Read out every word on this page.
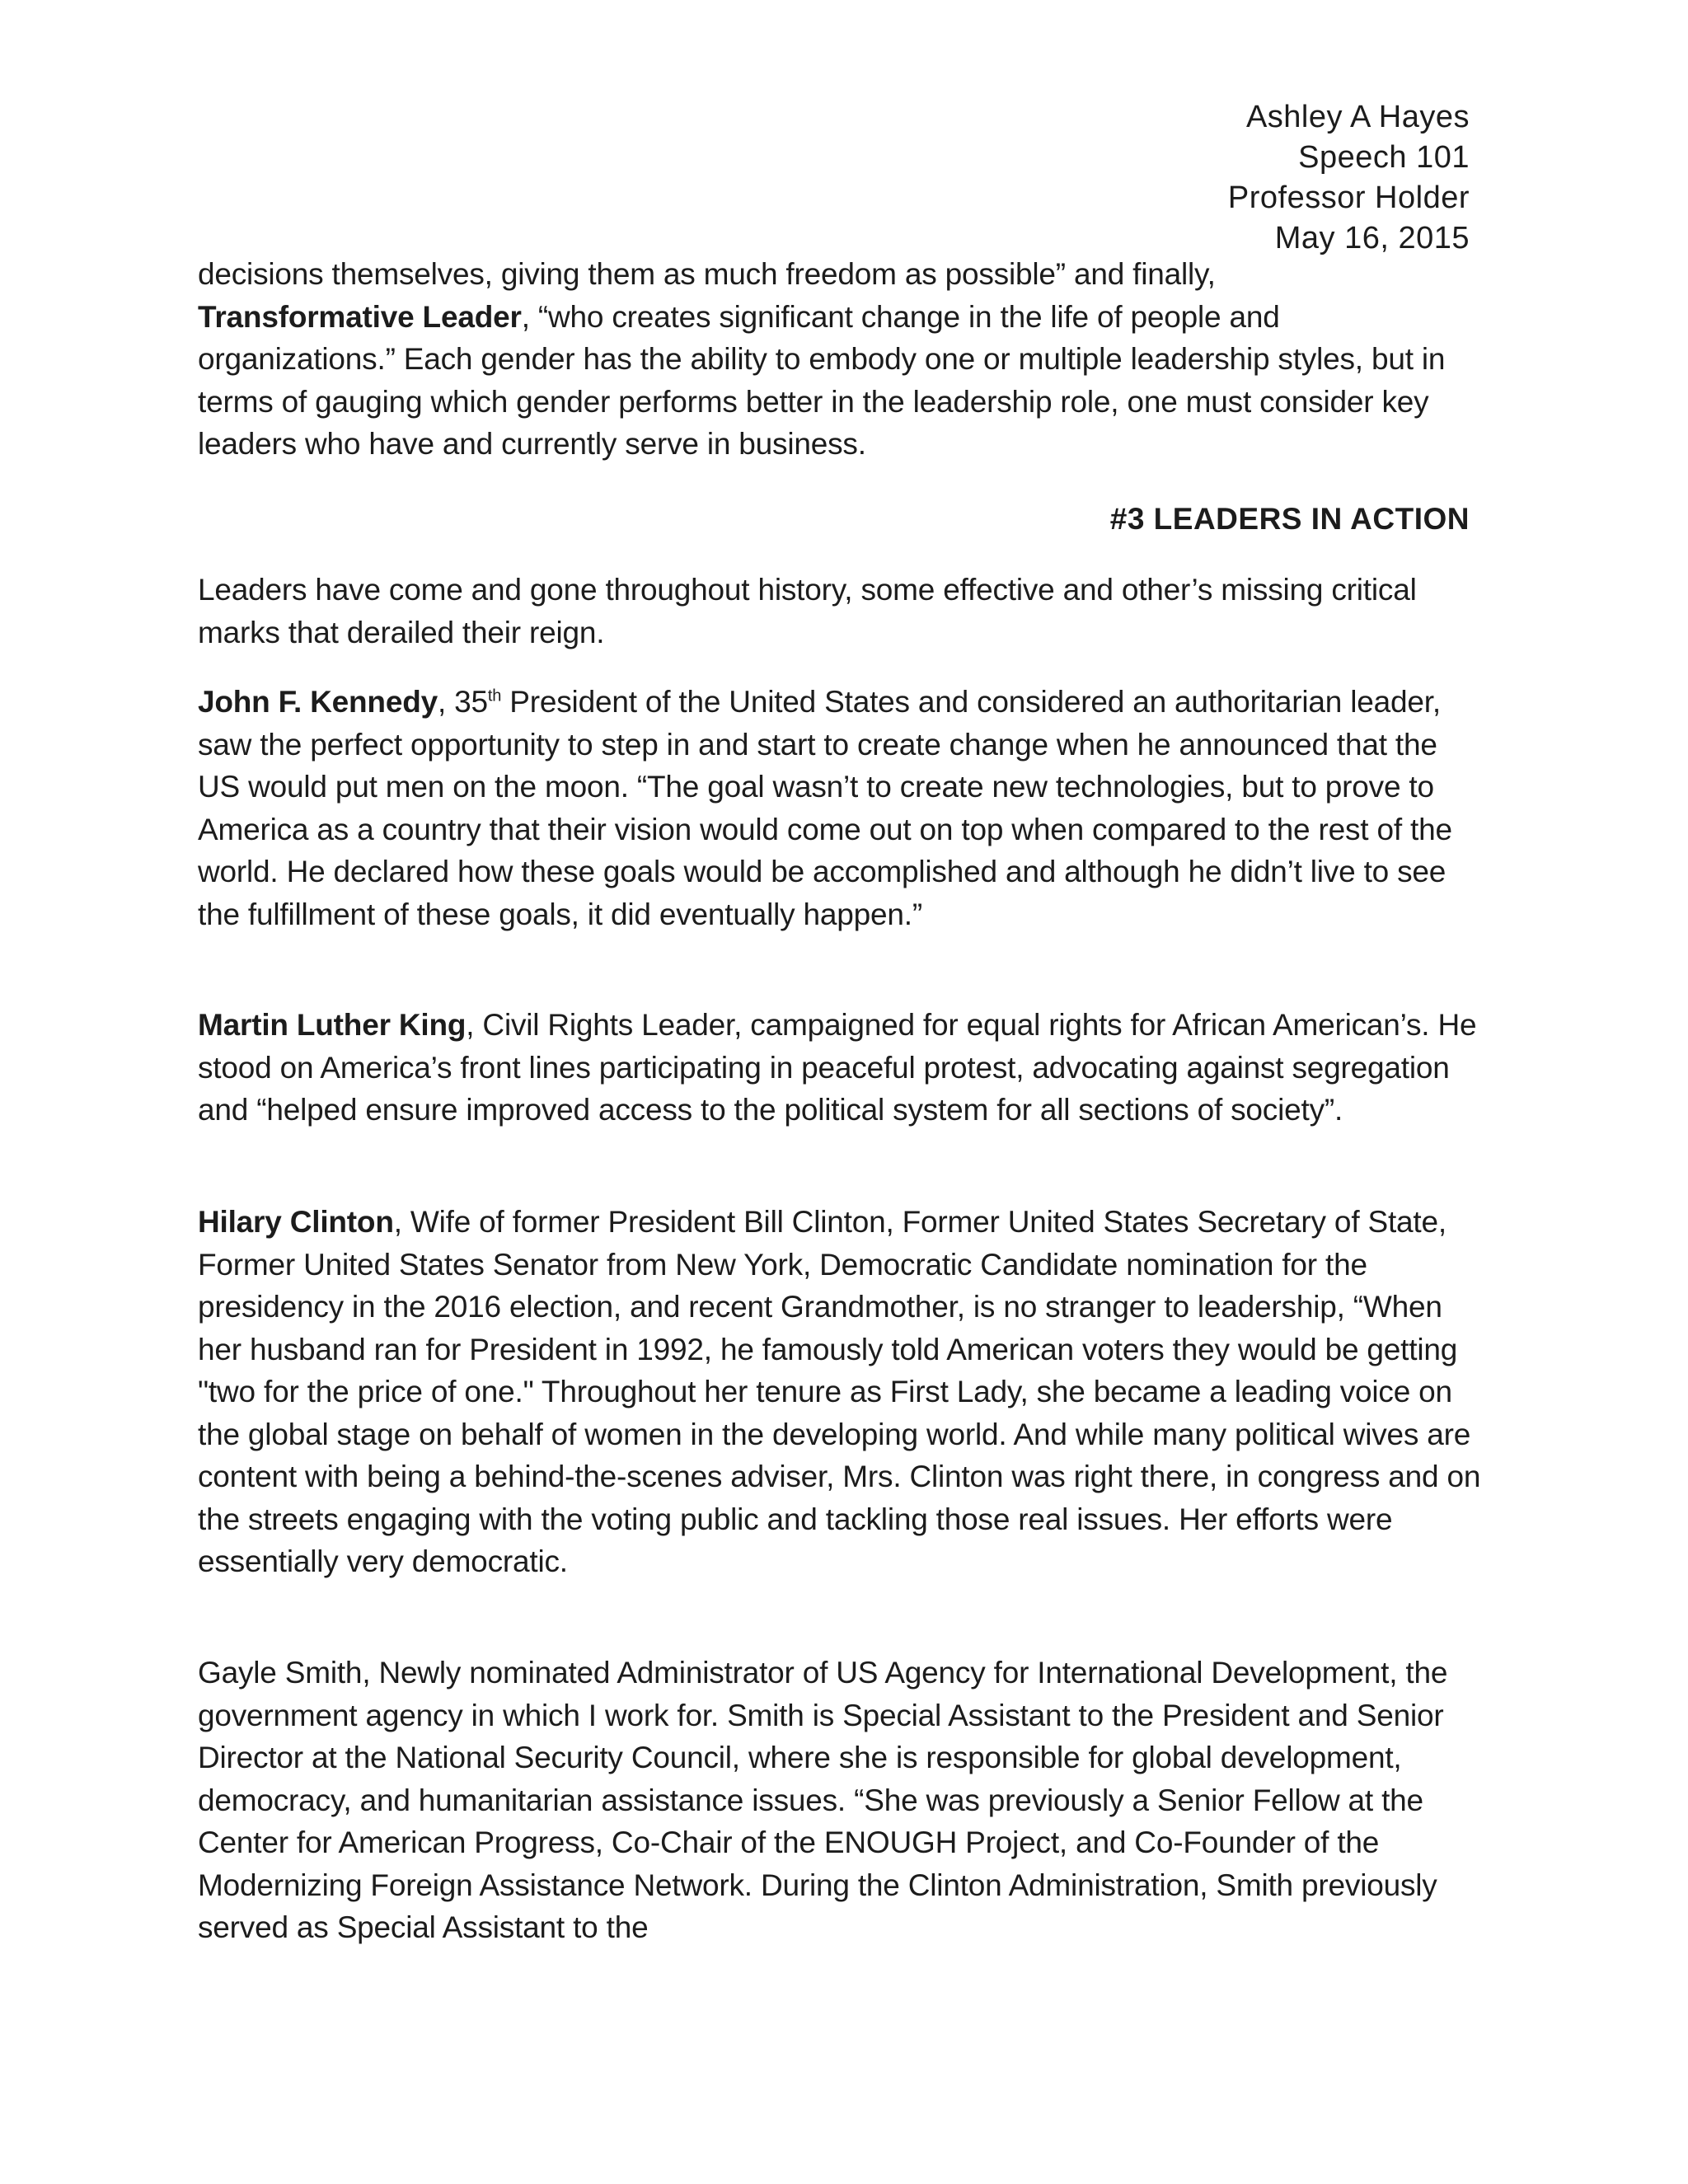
Ashley A Hayes
Speech 101
Professor Holder
May 16, 2015

decisions themselves, giving them as much freedom as possible” and finally,
Transformative Leader, “who creates significant change in the life of people and organizations.” Each gender has the ability to embody one or multiple leadership styles, but in terms of gauging which gender performs better in the leadership role, one must consider key leaders who have and currently serve in business.

#3 LEADERS IN ACTION

Leaders have come and gone throughout history, some effective and other’s missing critical marks that derailed their reign.

John F. Kennedy, 35th President of the United States and considered an authoritarian leader, saw the perfect opportunity to step in and start to create change when he announced that the US would put men on the moon. “The goal wasn’t to create new technologies, but to prove to America as a country that their vision would come out on top when compared to the rest of the world. He declared how these goals would be accomplished and although he didn’t live to see the fulfillment of these goals, it did eventually happen.”

Martin Luther King, Civil Rights Leader, campaigned for equal rights for African American’s. He stood on America’s front lines participating in peaceful protest, advocating against segregation and “helped ensure improved access to the political system for all sections of society”.

Hilary Clinton, Wife of former President Bill Clinton, Former United States Secretary of State, Former United States Senator from New York, Democratic Candidate nomination for the presidency in the 2016 election, and recent Grandmother, is no stranger to leadership, “When her husband ran for President in 1992, he famously told American voters they would be getting "two for the price of one." Throughout her tenure as First Lady, she became a leading voice on the global stage on behalf of women in the developing world. And while many political wives are content with being a behind-the-scenes adviser, Mrs. Clinton was right there, in congress and on the streets engaging with the voting public and tackling those real issues. Her efforts were essentially very democratic.

Gayle Smith, Newly nominated Administrator of US Agency for International Development, the government agency in which I work for. Smith is Special Assistant to the President and Senior Director at the National Security Council, where she is responsible for global development, democracy, and humanitarian assistance issues. “She was previously a Senior Fellow at the Center for American Progress, Co-Chair of the ENOUGH Project, and Co-Founder of the Modernizing Foreign Assistance Network. During the Clinton Administration, Smith previously served as Special Assistant to the
